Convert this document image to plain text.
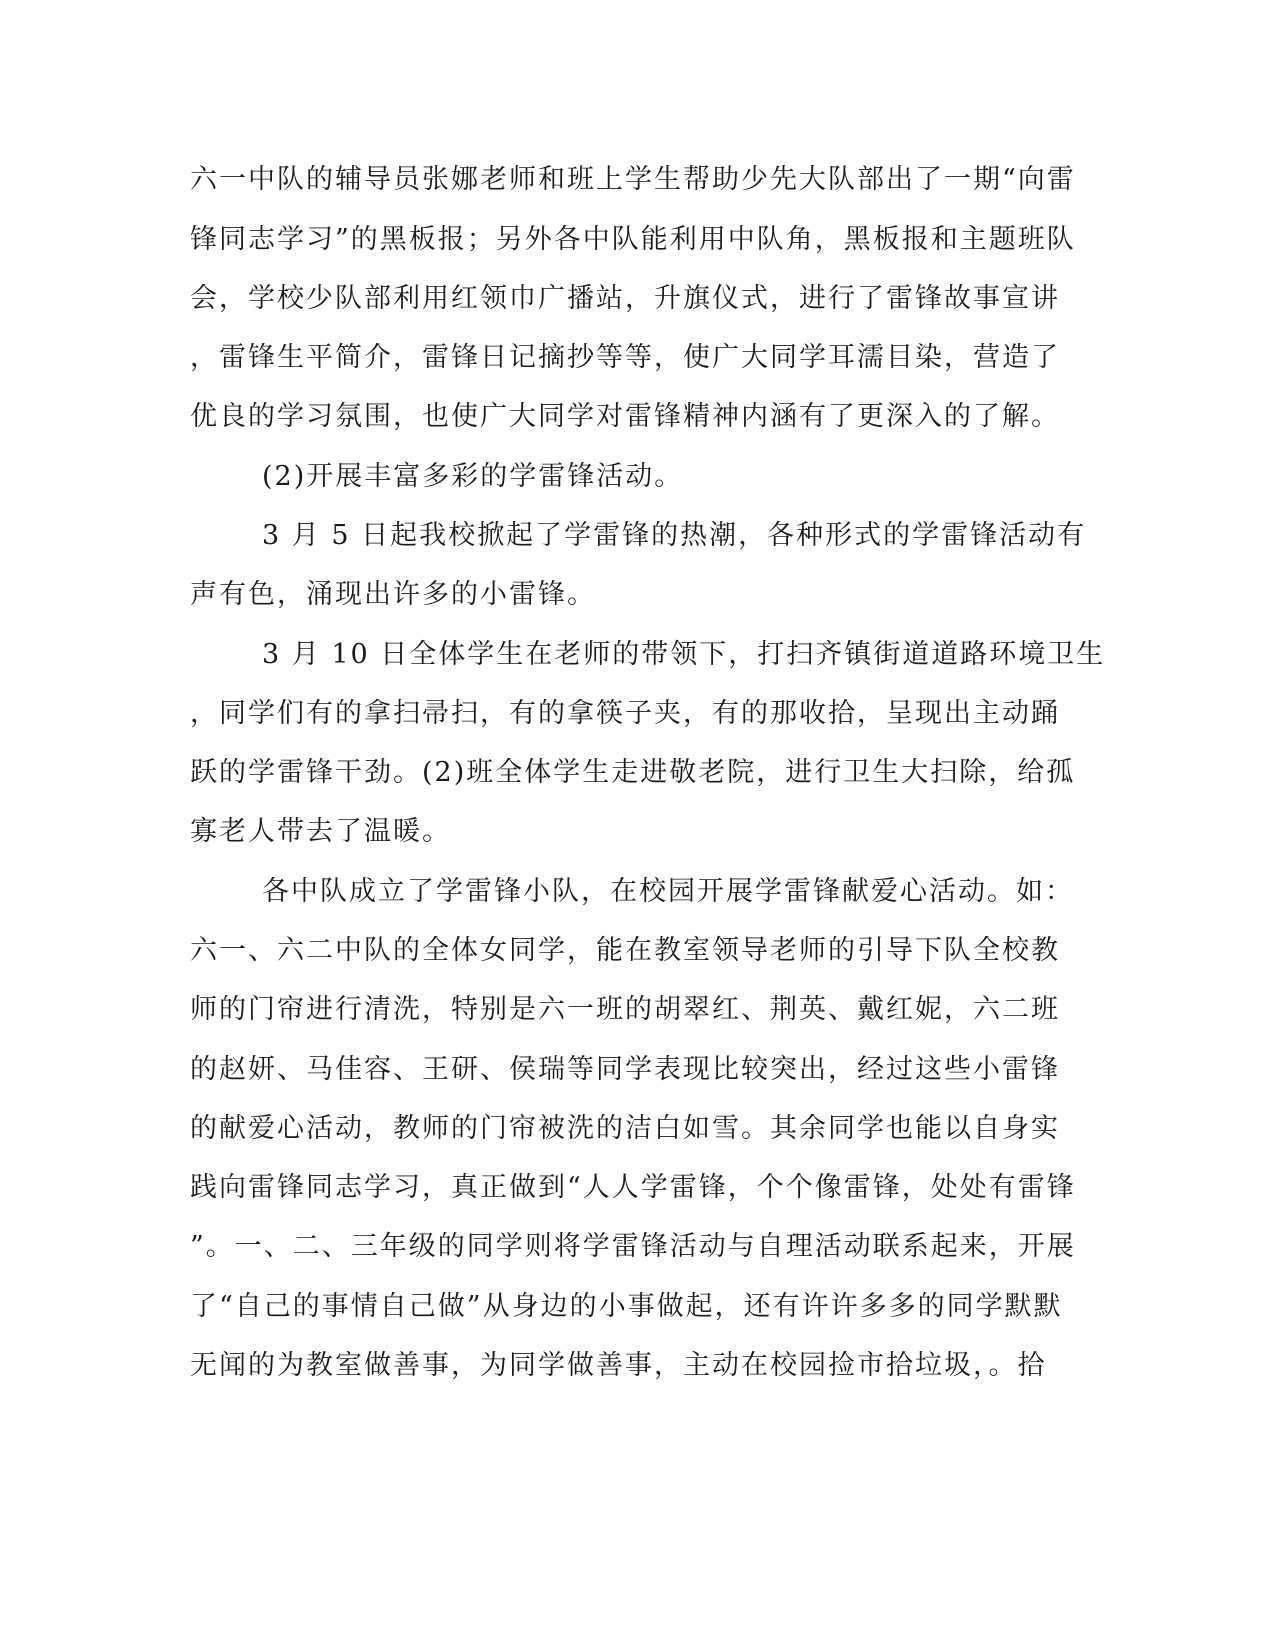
六一中队的辅导员张娜老师和班上学生帮助少先大队部出了一期“向雷
锋同志学习”的黑板报；另外各中队能利用中队角，黑板报和主题班队
会，学校少队部利用红领巾广播站，升旗仪式，进行了雷锋故事宣讲
，雷锋生平简介，雷锋日记摘抄等等，使广大同学耳濡目染，营造了
优良的学习氛围，也使广大同学对雷锋精神内涵有了更深入的了解。
(2)开展丰富多彩的学雷锋活动。
3 月 5 日起我校掀起了学雷锋的热潮，各种形式的学雷锋活动有
声有色，涌现出许多的小雷锋。
3 月 10 日全体学生在老师的带领下，打扫齐镇街道道路环境卫生
，同学们有的拿扫帚扫，有的拿筷子夹，有的那收拾，呈现出主动踊
跃的学雷锋干劲。(2)班全体学生走进敬老院，进行卫生大扫除，给孤
寡老人带去了温暖。
各中队成立了学雷锋小队，在校园开展学雷锋献爱心活动。如：
六一、六二中队的全体女同学，能在教室领导老师的引导下队全校教
师的门帘进行清洗，特别是六一班的胡翠红、荆英、戴红妮，六二班
的赵妍、马佳容、王研、侯瑞等同学表现比较突出，经过这些小雷锋
的献爱心活动，教师的门帘被洗的洁白如雪。其余同学也能以自身实
践向雷锋同志学习，真正做到“人人学雷锋，个个像雷锋，处处有雷锋
”。一、二、三年级的同学则将学雷锋活动与自理活动联系起来，开展
了“自己的事情自己做”从身边的小事做起，还有许许多多的同学默默
无闻的为教室做善事，为同学做善事，主动在校园捡市拾垃圾，。拾
